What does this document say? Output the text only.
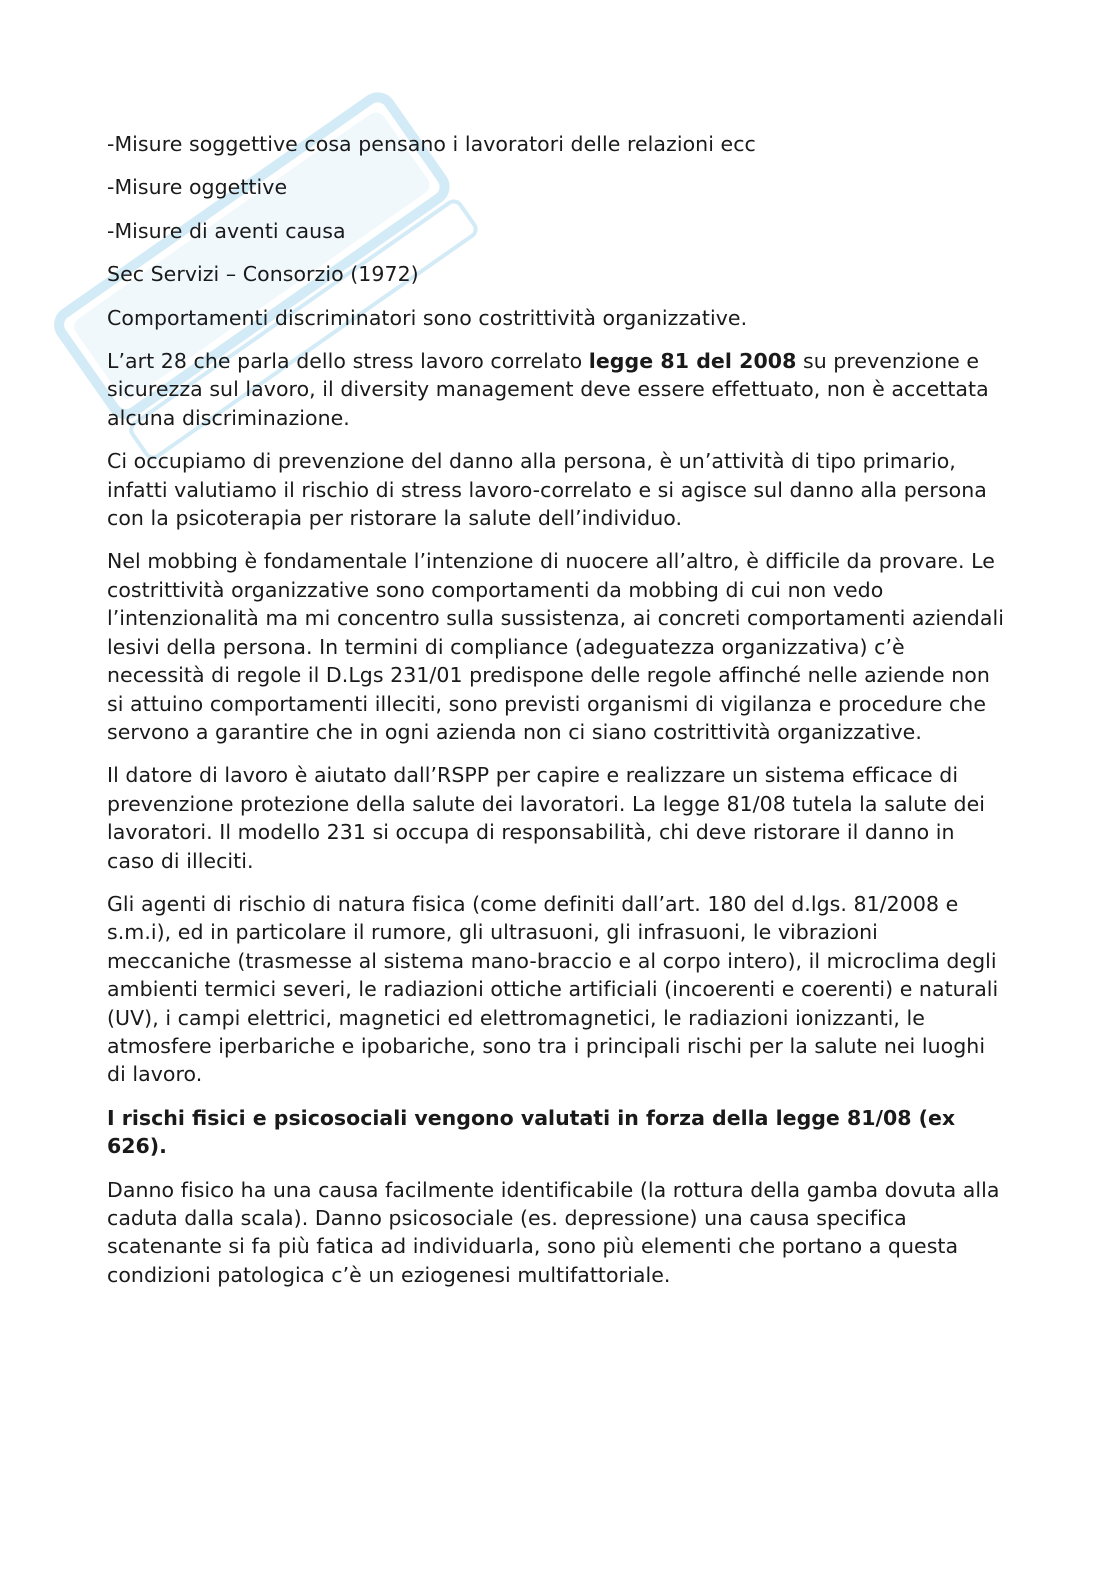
-Misure soggettive cosa pensano i lavoratori delle relazioni ecc

-Misure oggettive

-Misure di aventi causa

Sec Servizi – Consorzio (1972)

Comportamenti discriminatori sono costrittività organizzative.

L’art 28 che parla dello stress lavoro correlato legge 81 del 2008 su prevenzione e sicurezza sul lavoro, il diversity management deve essere effettuato, non è accettata alcuna discriminazione.

Ci occupiamo di prevenzione del danno alla persona, è un’attività di tipo primario, infatti valutiamo il rischio di stress lavoro-correlato e si agisce sul danno alla persona con la psicoterapia per ristorare la salute dell’individuo.

Nel mobbing è fondamentale l’intenzione di nuocere all’altro, è difficile da provare. Le costrittività organizzative sono comportamenti da mobbing di cui non vedo l’intenzionalità ma mi concentro sulla sussistenza, ai concreti comportamenti aziendali lesivi della persona. In termini di compliance (adeguatezza organizzativa) c’è necessità di regole il D.Lgs 231/01 predispone delle regole affinché nelle aziende non si attuino comportamenti illeciti, sono previsti organismi di vigilanza e procedure che servono a garantire che in ogni azienda non ci siano costrittività organizzative.

Il datore di lavoro è aiutato dall’RSPP per capire e realizzare un sistema efficace di prevenzione protezione della salute dei lavoratori. La legge 81/08 tutela la salute dei lavoratori. Il modello 231 si occupa di responsabilità, chi deve ristorare il danno in caso di illeciti.

Gli agenti di rischio di natura fisica (come definiti dall’art. 180 del d.lgs. 81/2008 e s.m.i), ed in particolare il rumore, gli ultrasuoni, gli infrasuoni, le vibrazioni meccaniche (trasmesse al sistema mano-braccio e al corpo intero), il microclima degli ambienti termici severi, le radiazioni ottiche artificiali (incoerenti e coerenti) e naturali (UV), i campi elettrici, magnetici ed elettromagnetici, le radiazioni ionizzanti, le atmosfere iperbariche e ipobariche, sono tra i principali rischi per la salute nei luoghi di lavoro.

I rischi fisici e psicosociali vengono valutati in forza della legge 81/08 (ex 626).

Danno fisico ha una causa facilmente identificabile (la rottura della gamba dovuta alla caduta dalla scala). Danno psicosociale (es. depressione) una causa specifica scatenante si fa più fatica ad individuarla, sono più elementi che portano a questa condizioni patologica c’è un eziogenesi multifattoriale.
